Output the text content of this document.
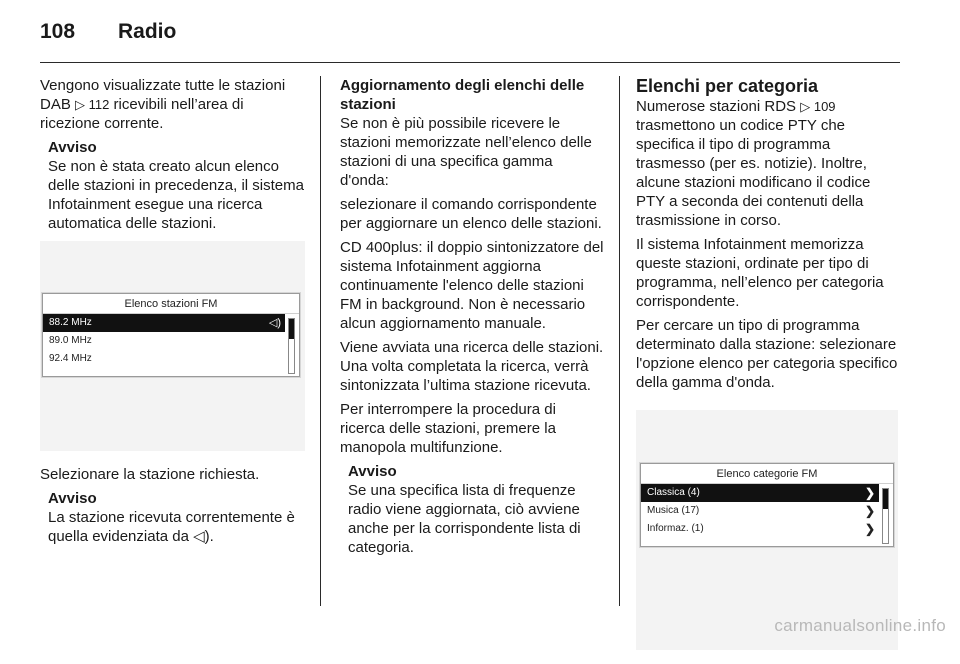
108 Radio

Vengono visualizzate tutte le stazioni DAB ▷ 112 ricevibili nell’area di ricezione corrente.

Avviso
Se non è stata creato alcun elenco delle stazioni in precedenza, il sistema Infotainment esegue una ricerca automatica delle stazioni.
Elenco stazioni FM
88.2 MHz	◁)
89.0 MHz
92.4 MHz

Selezionare la stazione richiesta.

Avviso
La stazione ricevuta correntemente è quella evidenziata da ◁).
Aggiornamento degli elenchi delle stazioni

Se non è più possibile ricevere le stazioni memorizzate nell’elenco delle stazioni di una specifica gamma d'onda:

selezionare il comando corrispondente per aggiornare un elenco delle stazioni.

CD 400plus: il doppio sintonizzatore del sistema Infotainment aggiorna continuamente l'elenco delle stazioni FM in background. Non è necessario alcun aggiornamento manuale.

Viene avviata una ricerca delle stazioni. Una volta completata la ricerca, verrà sintonizzata l’ultima stazione ricevuta.

Per interrompere la procedura di ricerca delle stazioni, premere la manopola multifunzione.

Avviso
Se una specifica lista di frequenze radio viene aggiornata, ciò avviene anche per la corrispondente lista di categoria.
Elenchi per categoria

Numerose stazioni RDS ▷ 109 trasmettono un codice PTY che specifica il tipo di programma trasmesso (per es. notizie). Inoltre, alcune stazioni modificano il codice PTY a seconda dei contenuti della trasmissione in corso.

Il sistema Infotainment memorizza queste stazioni, ordinate per tipo di programma, nell’elenco per categoria corrispondente.

Per cercare un tipo di programma determinato dalla stazione: selezionare l'opzione elenco per categoria specifico della gamma d'onda.

Elenco categorie FM
Classica (4)	❯
Musica (17)	❯
Informaz. (1)	❯
carmanualsonline.info
